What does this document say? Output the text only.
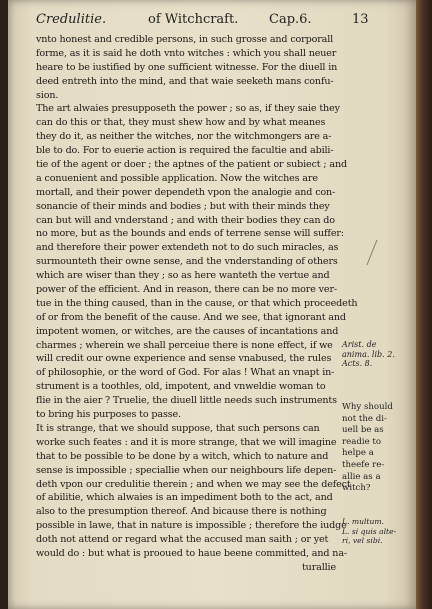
Credulitie.	of Witchcraft. Cap.6.	13
vnto honest and credible persons, in such grosse and corporall
forme, as it is said he doth vnto witches : which you shall neuer
heare to be iustified by one sufficient witnesse. For the diuell in
deed entreth into the mind, and that waie seeketh mans confu-
sion.
The art alwaies presupposeth the power ; so as, if they saie they
can do this or that, they must shew how and by what meanes
they do it, as neither the witches, nor the witchmongers are a-
ble to do. For to euerie action is required the facultie and abili-
tie of the agent or doer ; the aptnes of the patient or subiect ; and
a conuenient and possible application. Now the witches are
mortall, and their power dependeth vpon the analogie and con-
sonancie of their minds and bodies ; but with their minds they
can but will and vnderstand ; and with their bodies they can do
no more, but as the bounds and ends of terrene sense will suffer:
and therefore their power extendeth not to do such miracles, as
surmounteth their owne sense, and the vnderstanding of others
which are wiser than they ; so as here wanteth the vertue and
power of the efficient. And in reason, there can be no more ver-
tue in the thing caused, than in the cause, or that which proceedeth
of or from the benefit of the cause. And we see, that ignorant and
impotent women, or witches, are the causes of incantations and
charmes ; wherein we shall perceiue there is none effect, if we
will credit our owne experience and sense vnabused, the rules
of philosophie, or the word of God. For alas ! What an vnapt in-
strument is a toothles, old, impotent, and vnweldie woman to
flie in the aier ? Truelie, the diuell little needs such instruments
to bring his purposes to passe.
It is strange, that we should suppose, that such persons can
worke such feates : and it is more strange, that we will imagine
that to be possible to be done by a witch, which to nature and
sense is impossible ; speciallie when our neighbours life depen-
deth vpon our credulitie therein ; and when we may see the defect
of abilitie, which alwaies is an impediment both to the act, and
also to the presumption thereof. And bicause there is nothing
possible in lawe, that in nature is impossible ; therefore the iudge
doth not attend or regard what the accused man saith ; or yet
would do : but what is prooued to haue beene committed, and na-
turallie
Arist. de
anima. lib. 2.
Acts. 8.
Why should
not the di-
uell be as
readie to
helpe a
theefe re-
allie as a
witch?
L. multum.
L. si quis alte-
ri, vel sibi.
